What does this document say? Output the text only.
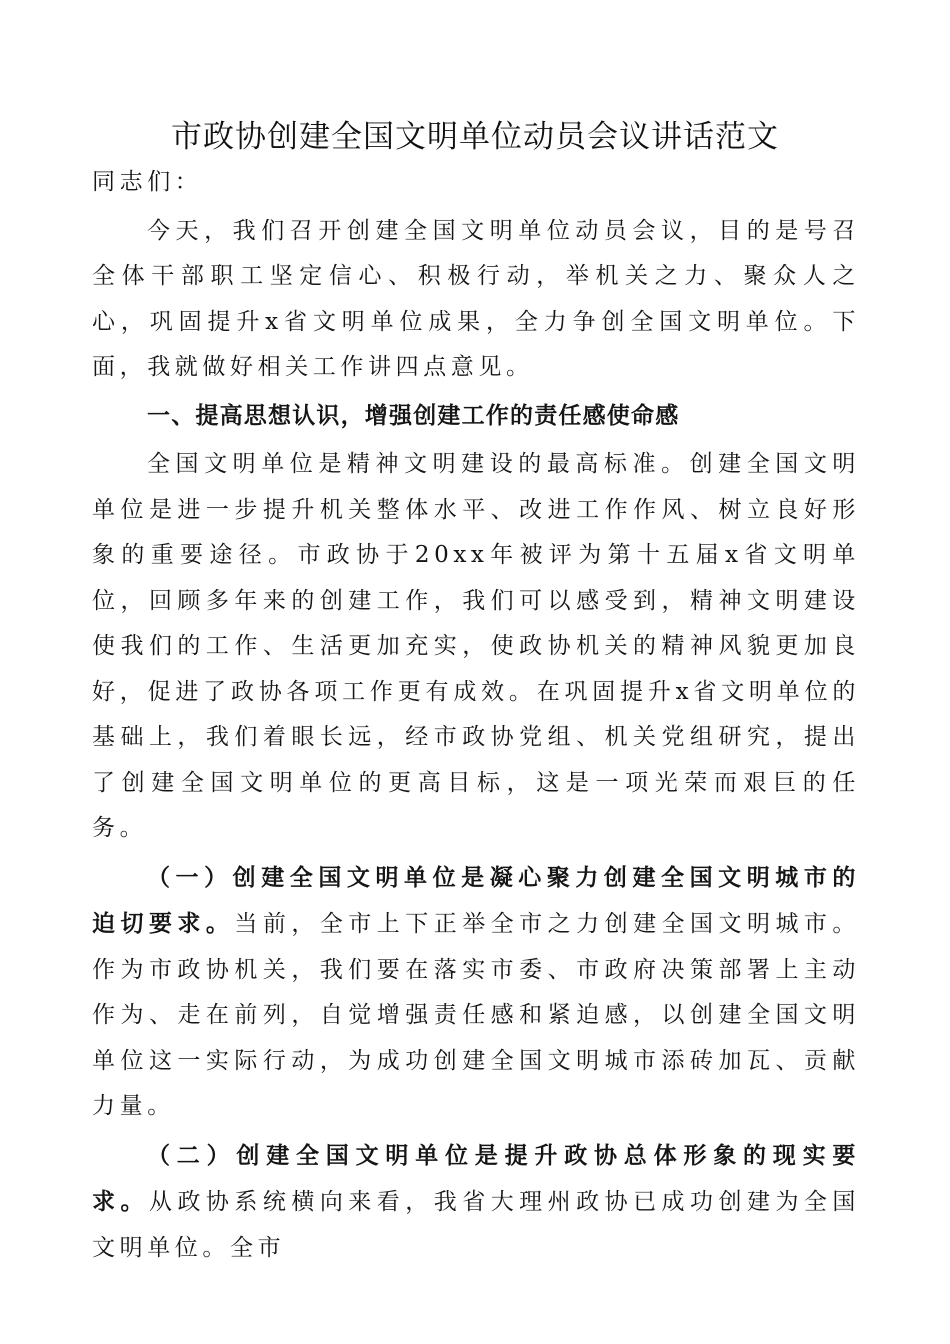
市政协创建全国文明单位动员会议讲话范文

同志们：

今天，我们召开创建全国文明单位动员会议，目的是号召全体干部职工坚定信心、积极行动，举机关之力、聚众人之心，巩固提升x省文明单位成果，全力争创全国文明单位。下面，我就做好相关工作讲四点意见。

一、提高思想认识，增强创建工作的责任感使命感

全国文明单位是精神文明建设的最高标准。创建全国文明单位是进一步提升机关整体水平、改进工作作风、树立良好形象的重要途径。市政协于20xx年被评为第十五届x省文明单位，回顾多年来的创建工作，我们可以感受到，精神文明建设使我们的工作、生活更加充实，使政协机关的精神风貌更加良好，促进了政协各项工作更有成效。在巩固提升x省文明单位的基础上，我们着眼长远，经市政协党组、机关党组研究，提出了创建全国文明单位的更高目标，这是一项光荣而艰巨的任务。

（一）创建全国文明单位是凝心聚力创建全国文明城市的迫切要求。当前，全市上下正举全市之力创建全国文明城市。作为市政协机关，我们要在落实市委、市政府决策部署上主动作为、走在前列，自觉增强责任感和紧迫感，以创建全国文明单位这一实际行动，为成功创建全国文明城市添砖加瓦、贡献力量。

（二）创建全国文明单位是提升政协总体形象的现实要求。从政协系统横向来看，我省大理州政协已成功创建为全国文明单位。全市
